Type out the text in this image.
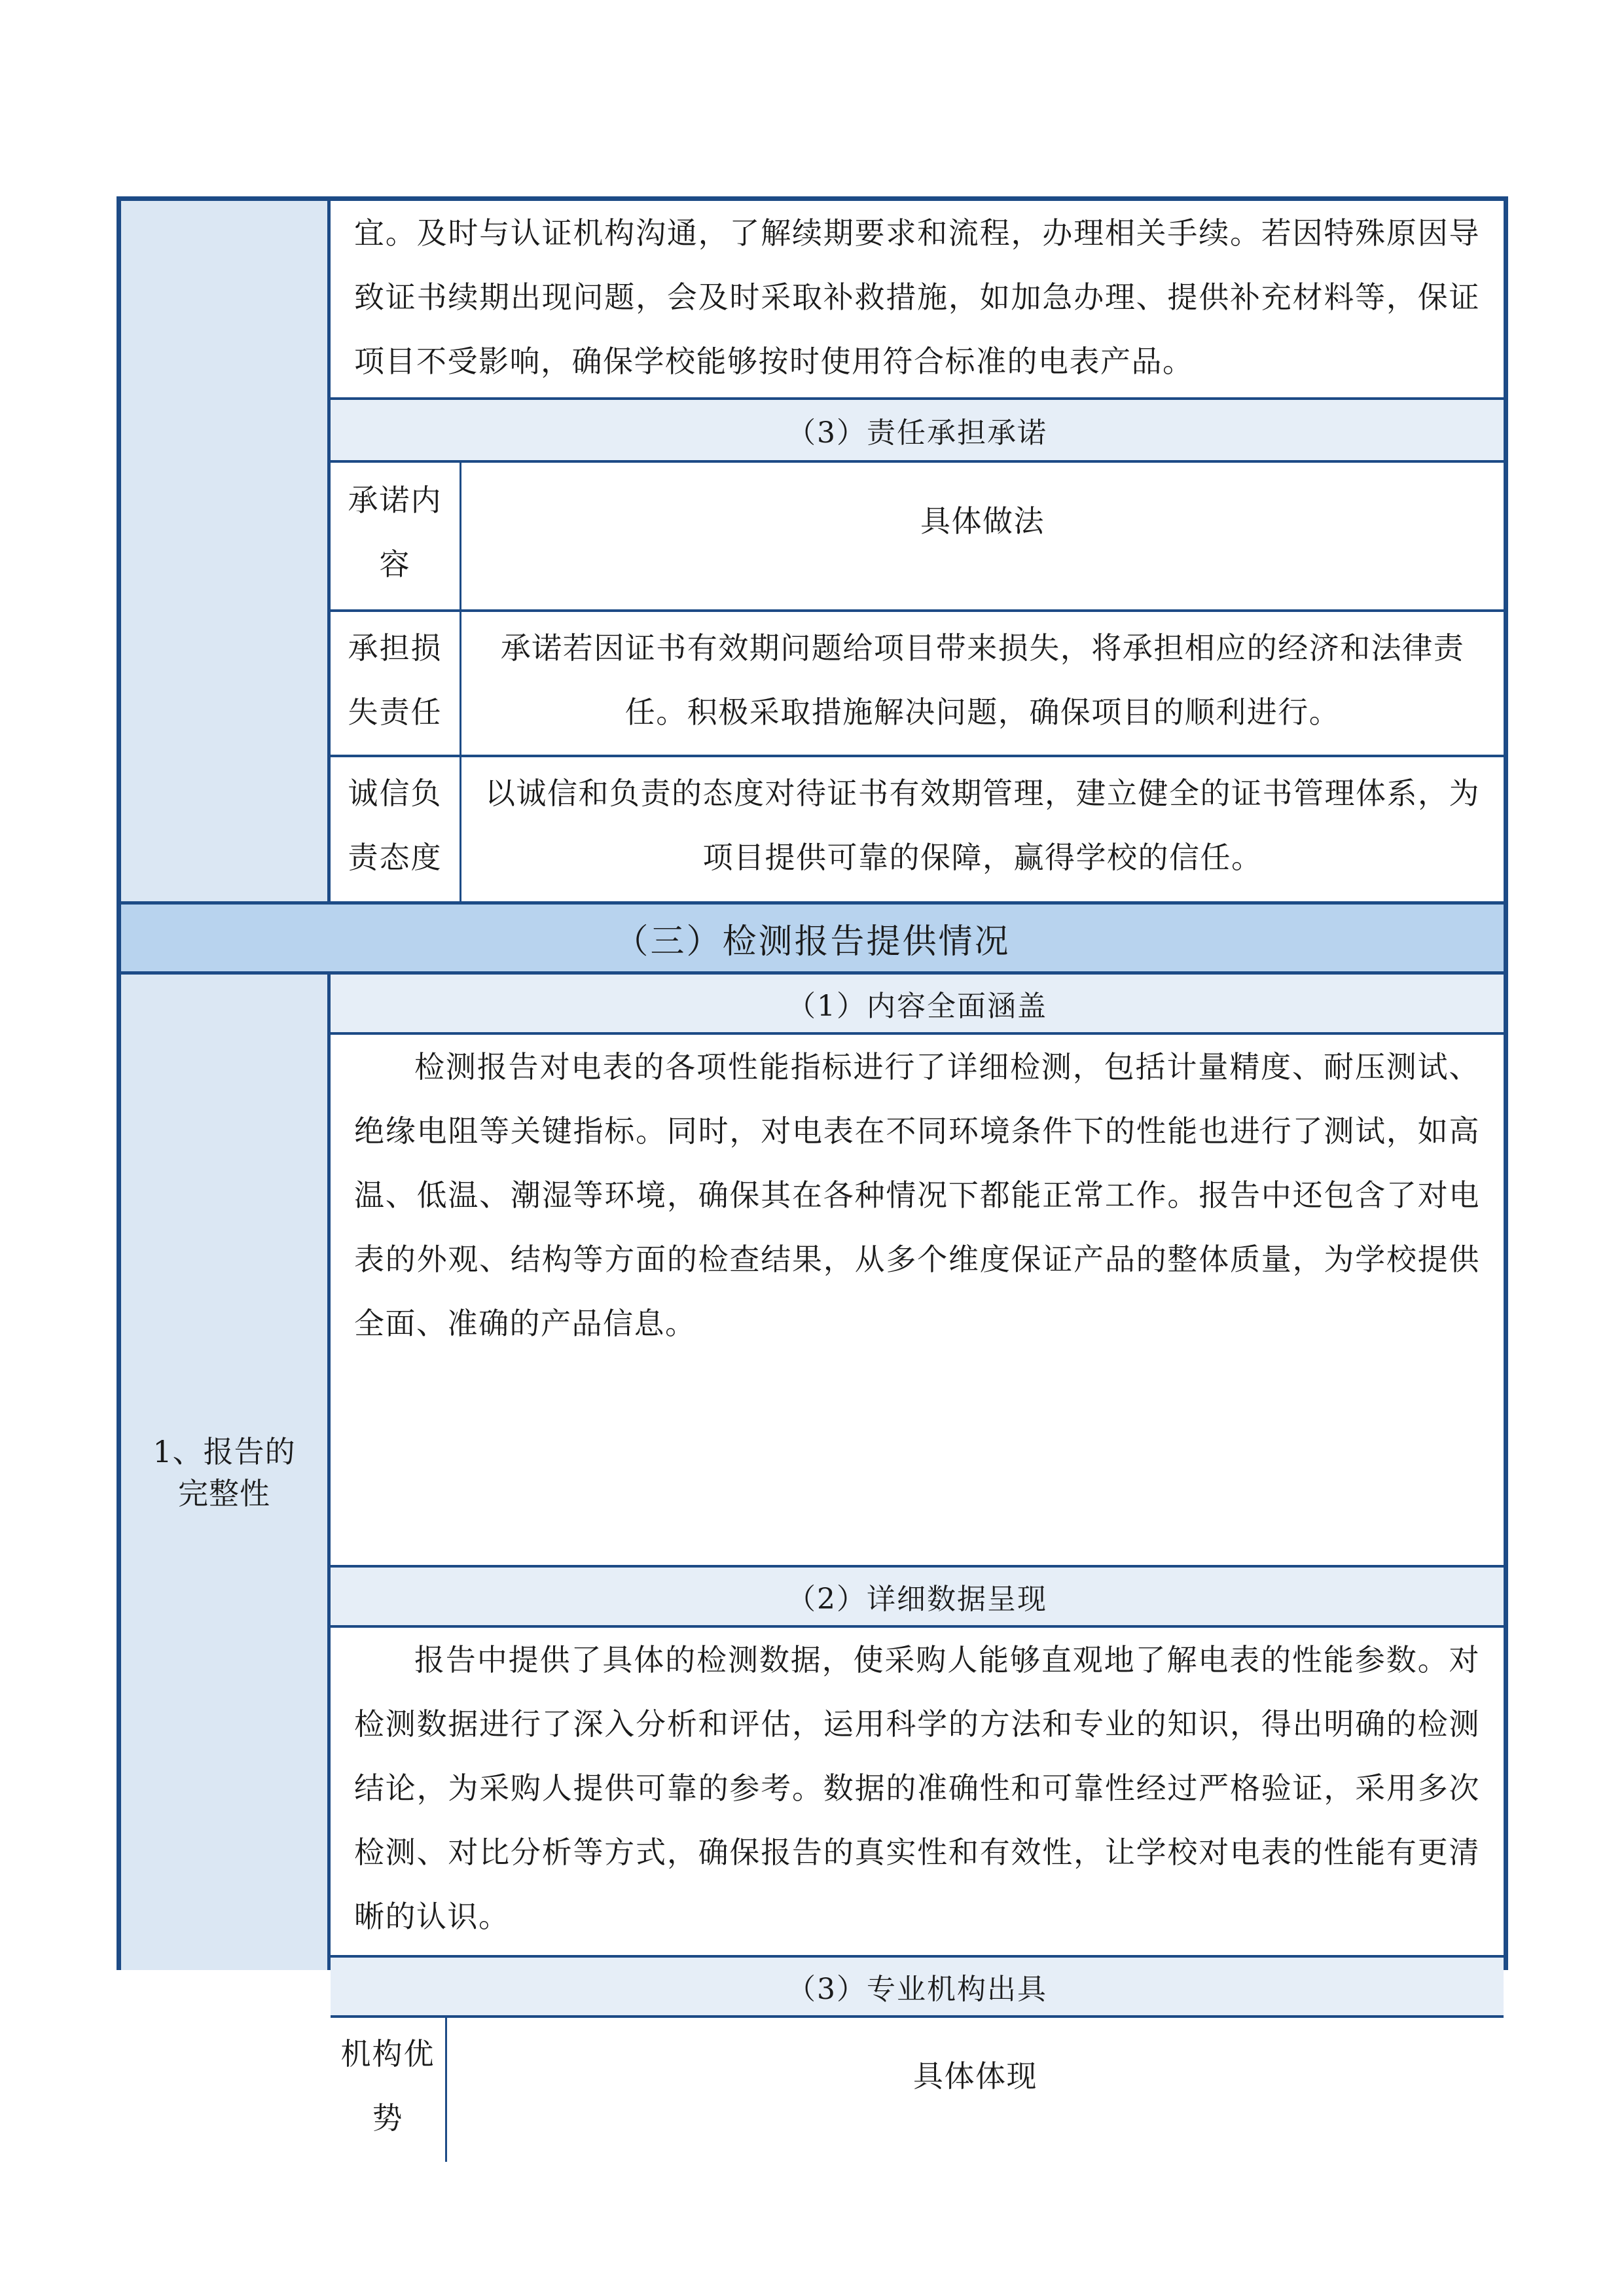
宜。及时与认证机构沟通，了解续期要求和流程，办理相关手续。若因特殊原因导致证书续期出现问题，会及时采取补救措施，如加急办理、提供补充材料等，保证项目不受影响，确保学校能够按时使用符合标准的电表产品。
（3）责任承担承诺
承诺内容
具体做法
承担损失责任
承诺若因证书有效期问题给项目带来损失，将承担相应的经济和法律责任。积极采取措施解决问题，确保项目的顺利进行。
诚信负责态度
以诚信和负责的态度对待证书有效期管理，建立健全的证书管理体系，为项目提供可靠的保障，赢得学校的信任。
（三）检测报告提供情况
1、报告的完整性
（1）内容全面涵盖
检测报告对电表的各项性能指标进行了详细检测，包括计量精度、耐压测试、绝缘电阻等关键指标。同时，对电表在不同环境条件下的性能也进行了测试，如高温、低温、潮湿等环境，确保其在各种情况下都能正常工作。报告中还包含了对电表的外观、结构等方面的检查结果，从多个维度保证产品的整体质量，为学校提供全面、准确的产品信息。
（2）详细数据呈现
报告中提供了具体的检测数据，使采购人能够直观地了解电表的性能参数。对检测数据进行了深入分析和评估，运用科学的方法和专业的知识，得出明确的检测结论，为采购人提供可靠的参考。数据的准确性和可靠性经过严格验证，采用多次检测、对比分析等方式，确保报告的真实性和有效性，让学校对电表的性能有更清晰的认识。
（3）专业机构出具
机构优势
具体体现
